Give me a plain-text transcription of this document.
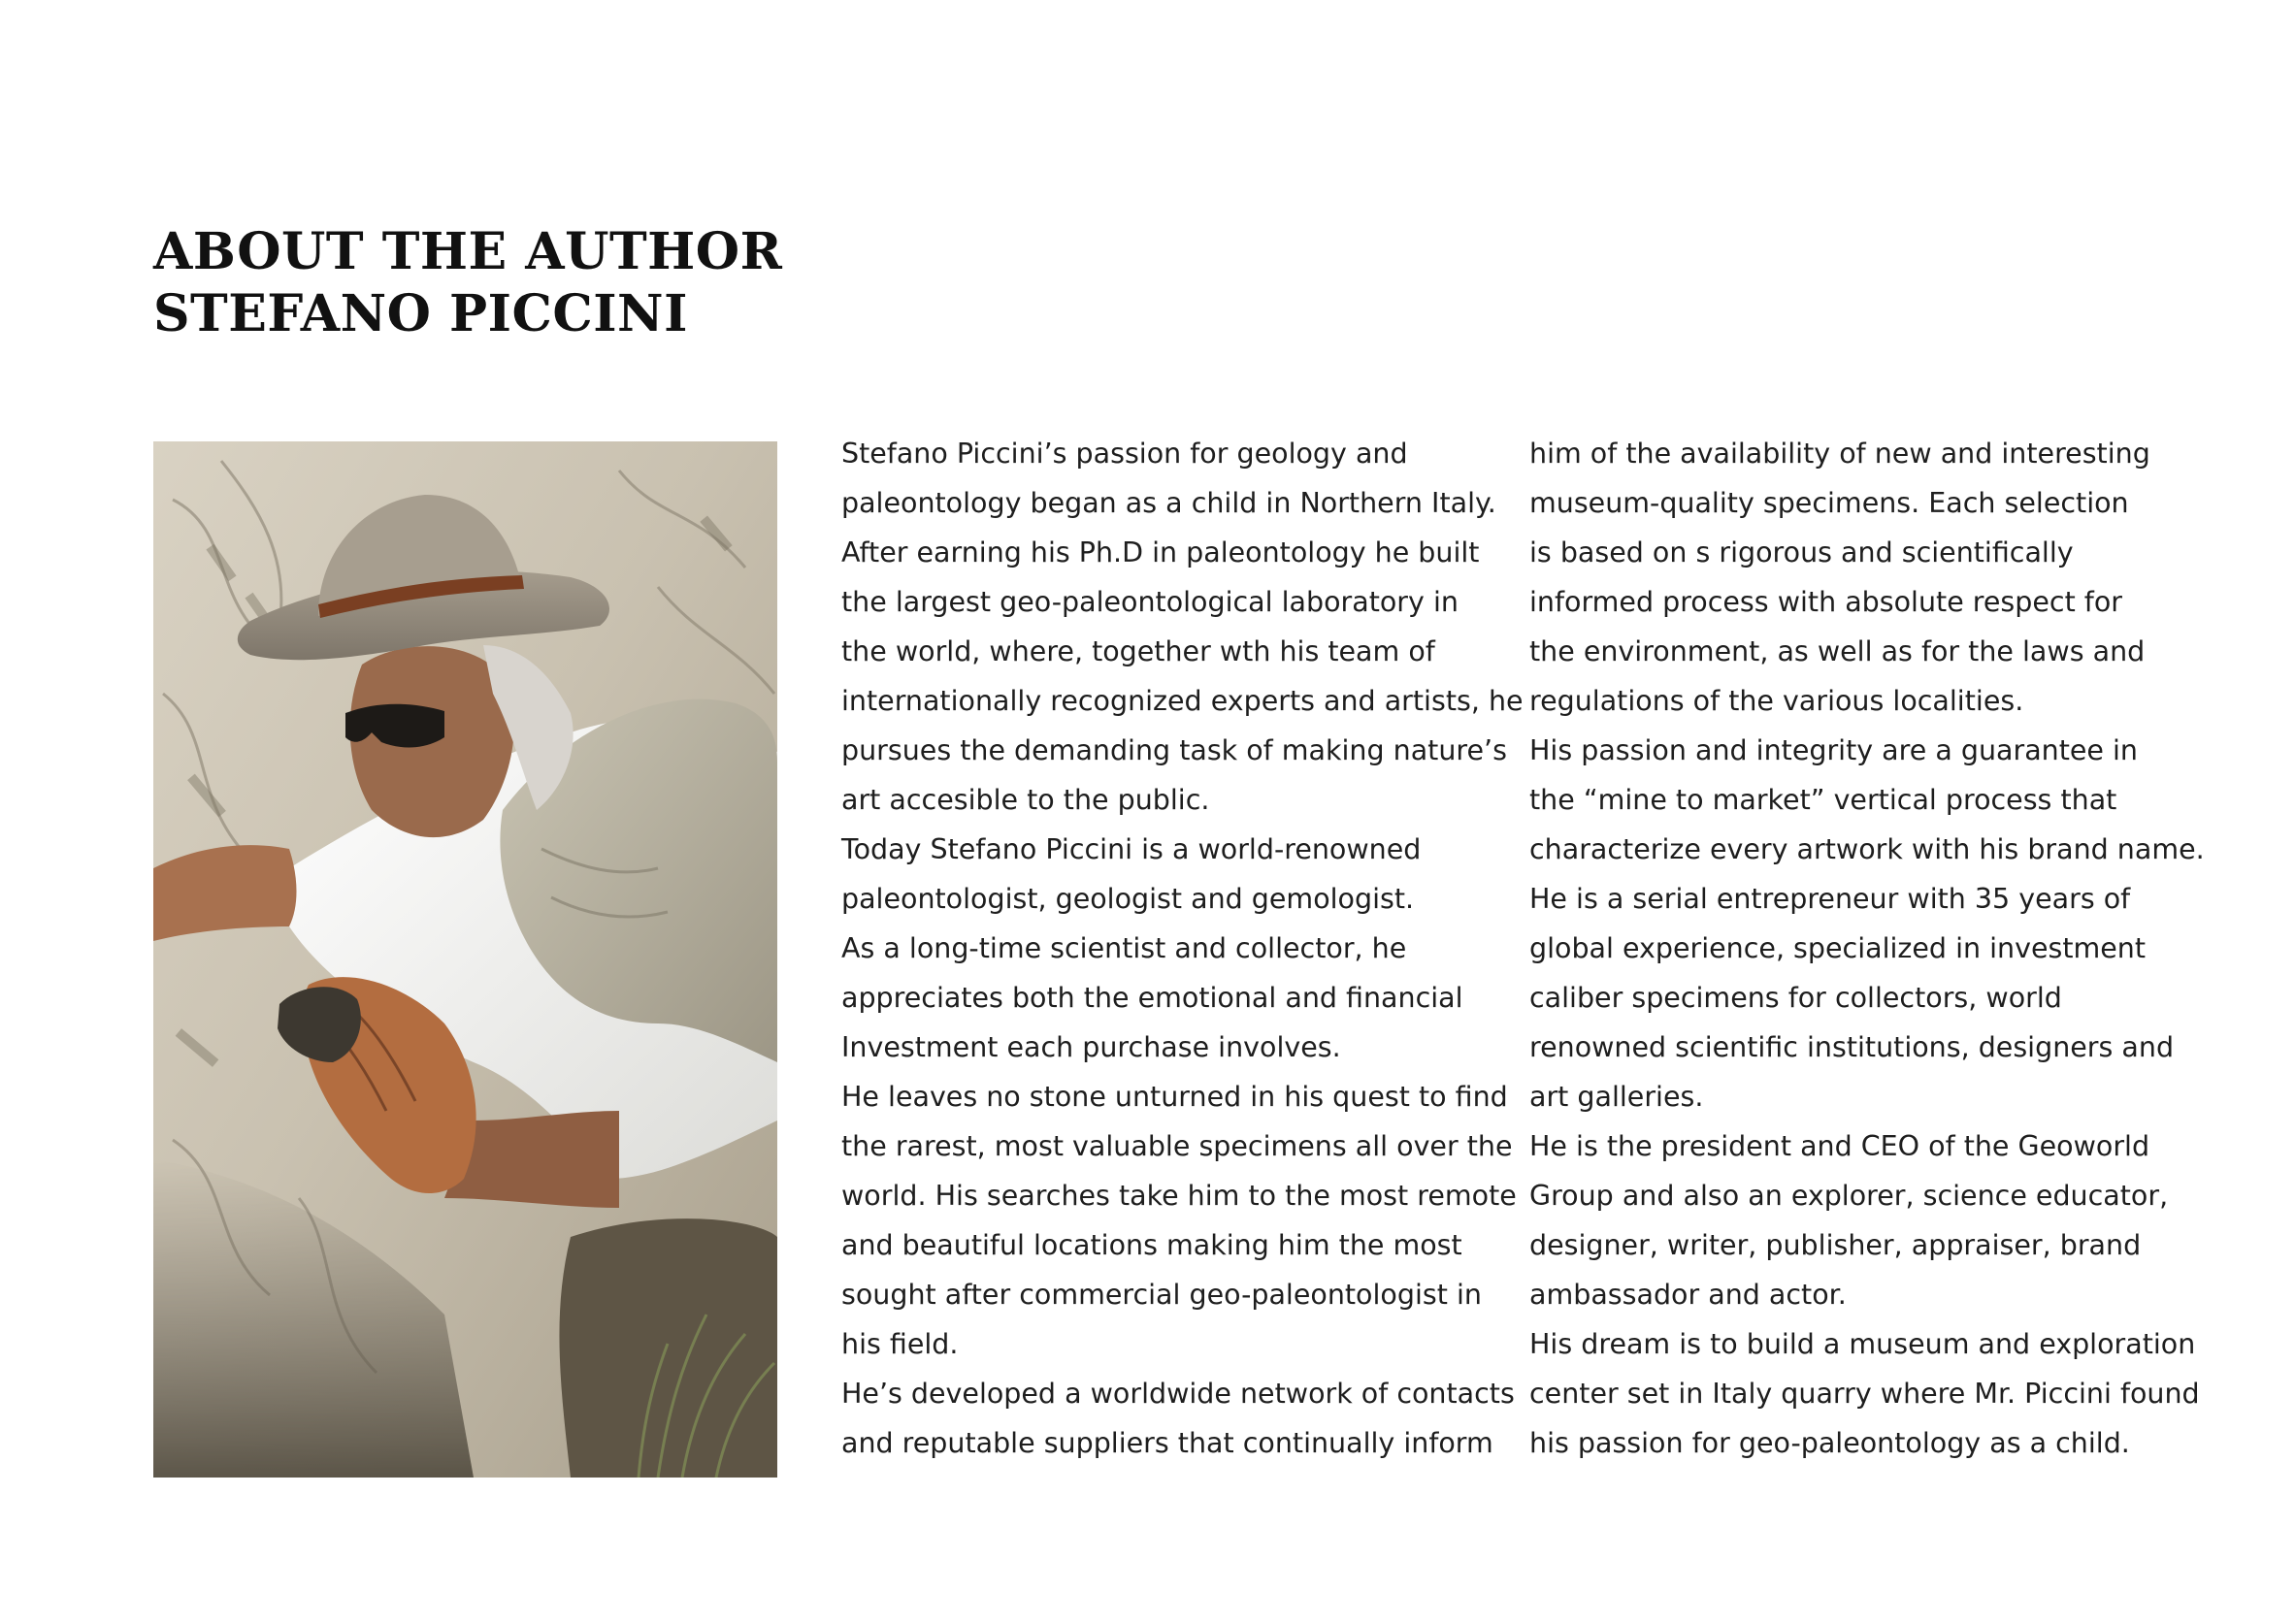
ABOUT THE AUTHOR
STEFANO PICCINI
Stefano Piccini’s passion for geology and
paleontology began as a child in Northern Italy.
After earning his Ph.D in paleontology he built
the largest geo-paleontological laboratory in
the world, where, together wth his team of
internationally recognized experts and artists, he
pursues the demanding task of making nature’s
art accesible to the public.
Today Stefano Piccini is a world-renowned
paleontologist, geologist and gemologist.
As a long-time scientist and collector, he
appreciates both the emotional and financial
Investment each purchase involves.
He leaves no stone unturned in his quest to find
the rarest, most valuable specimens all over the
world. His searches take him to the most remote
and beautiful locations making him the most
sought after commercial geo-paleontologist in
his field.
He’s developed a worldwide network of contacts
and reputable suppliers that continually inform
him of the availability of new and interesting
museum-quality specimens. Each selection
is based on s rigorous and scientifically
informed process with absolute respect for
the environment, as well as for the laws and
regulations of the various localities.
His passion and integrity are a guarantee in
the “mine to market” vertical process that
characterize every artwork with his brand name.
He is a serial entrepreneur with 35 years of
global experience, specialized in investment
caliber specimens for collectors, world
renowned scientific institutions, designers and
art galleries.
He is the president and CEO of the Geoworld
Group and also an explorer, science educator,
designer, writer, publisher, appraiser, brand
ambassador and actor.
His dream is to build a museum and exploration
center set in Italy quarry where Mr. Piccini found
his passion for geo-paleontology as a child.
